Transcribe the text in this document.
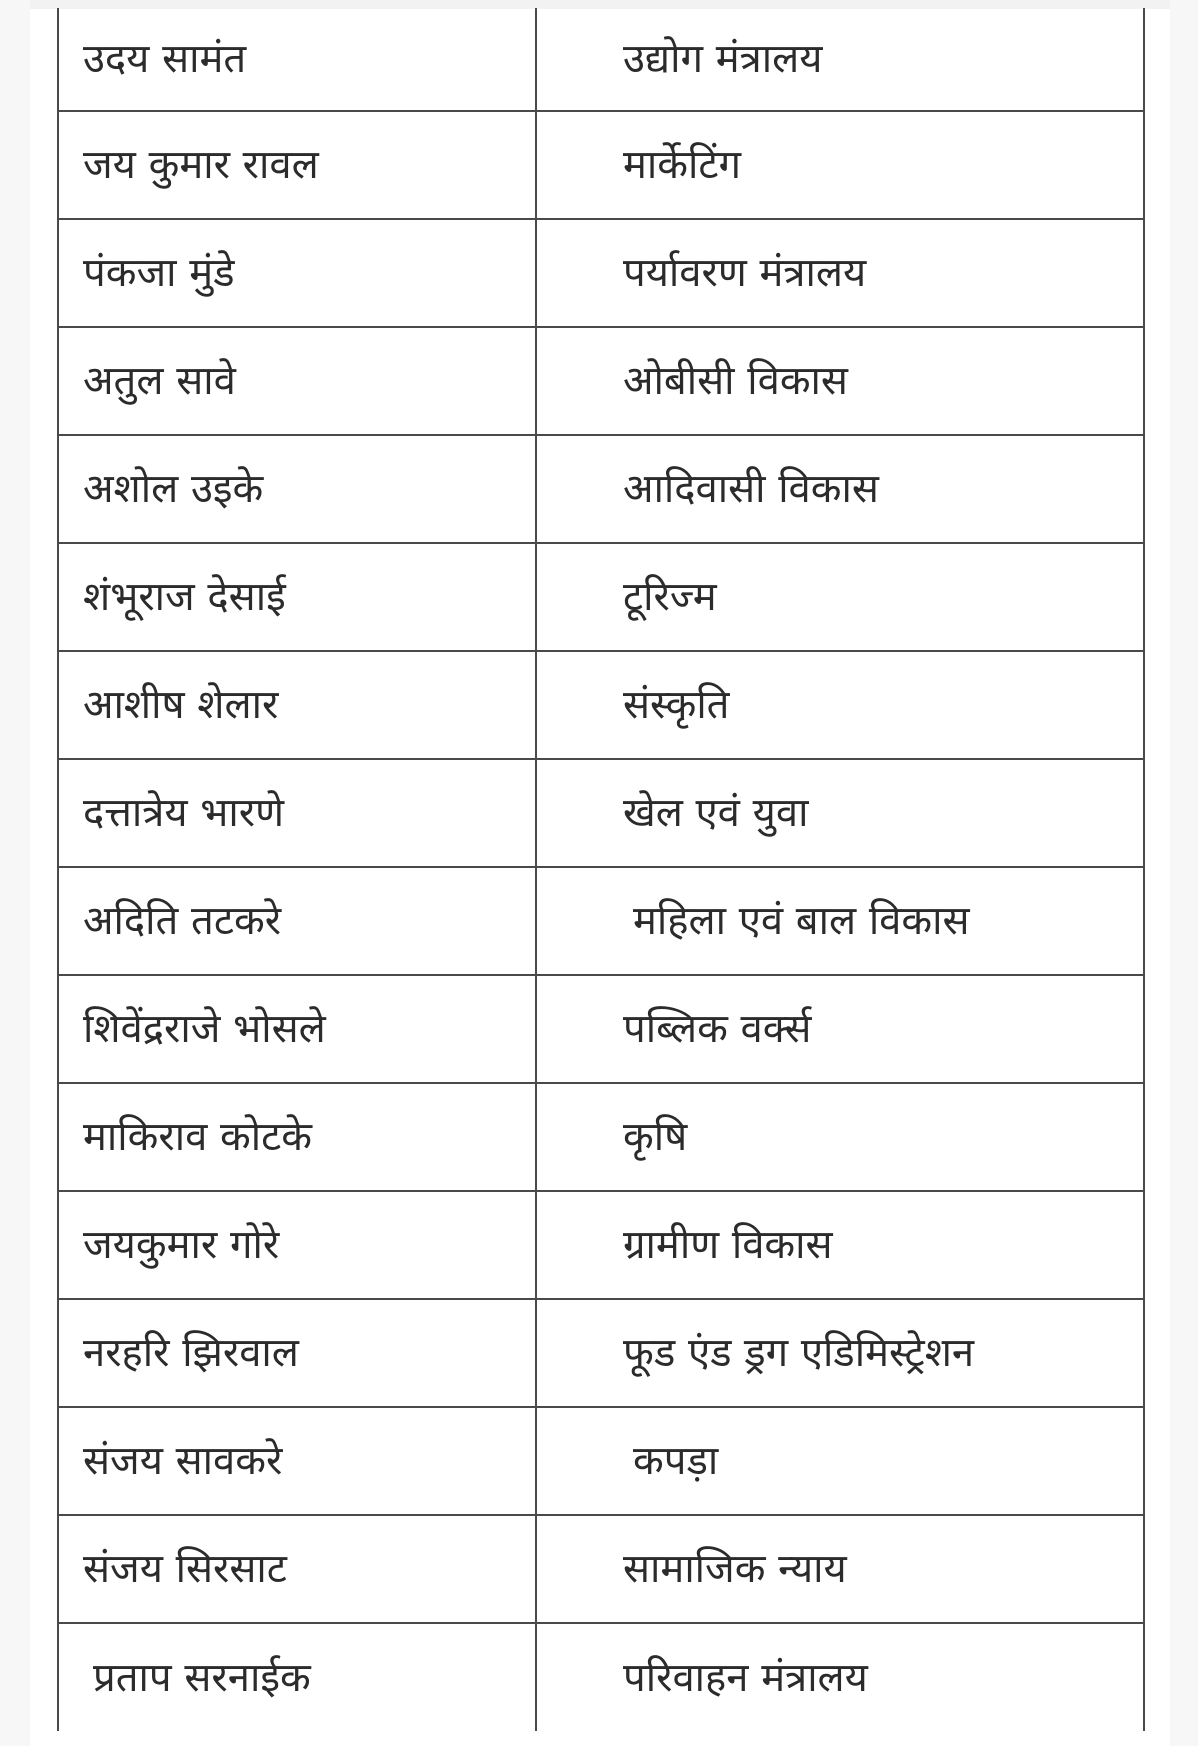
उदय सामंत	उद्योग मंत्रालय
जय कुमार रावल	मार्केटिंग
पंकजा मुंडे	पर्यावरण मंत्रालय
अतुल सावे	ओबीसी विकास
अशोल उइके	आदिवासी विकास
शंभूराज देसाई	टूरिज्म
आशीष शेलार	संस्कृति
दत्तात्रेय भारणे	खेल एवं युवा
अदिति तटकरे	महिला एवं बाल विकास
शिवेंद्रराजे भोसले	पब्लिक वर्क्स
माकिराव कोटके	कृषि
जयकुमार गोरे	ग्रामीण विकास
नरहरि झिरवाल	फूड एंड ड्रग एडिमिस्ट्रेशन
संजय सावकरे	कपड़ा
संजय सिरसाट	सामाजिक न्याय
प्रताप सरनाईक	परिवाहन मंत्रालय
